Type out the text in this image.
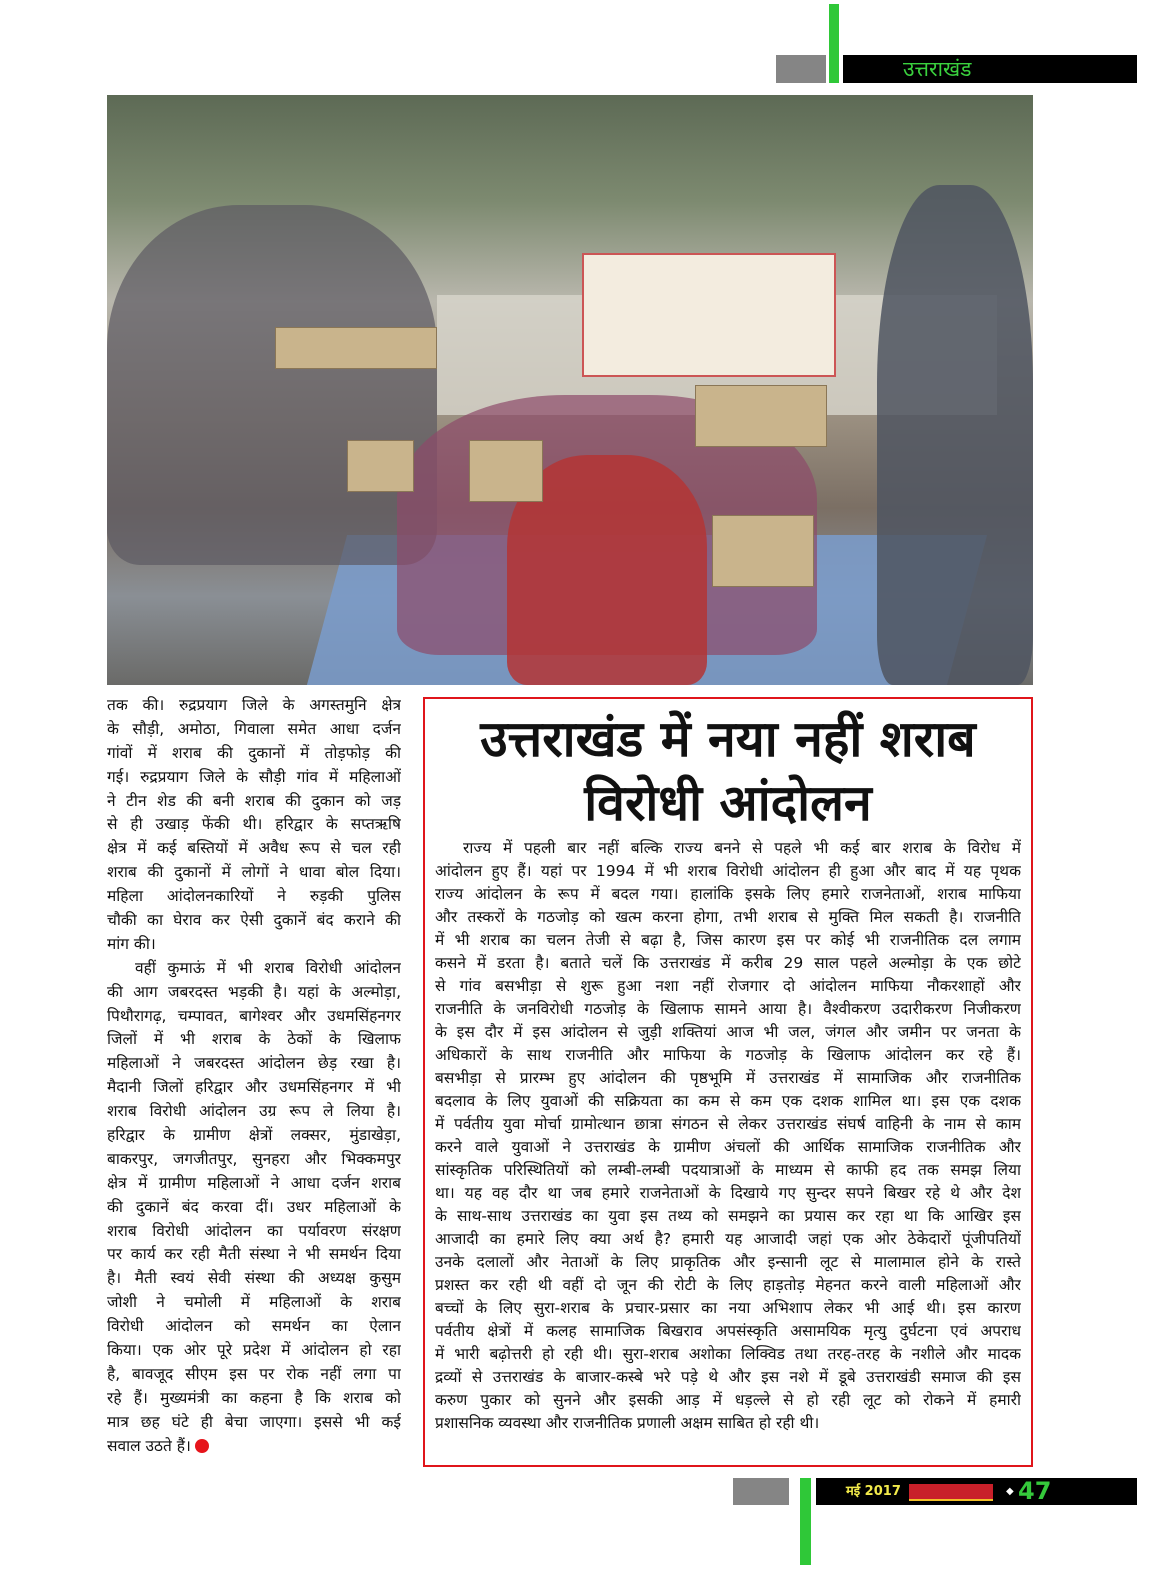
उत्तराखंड
तक की। रुद्रप्रयाग जिले के अगस्तमुनि क्षेत्र
के सौड़ी, अमोठा, गिवाला समेत आधा दर्जन
गांवों में शराब की दुकानों में तोड़फोड़ की
गई। रुद्रप्रयाग जिले के सौड़ी गांव में महिलाओं
ने टीन शेड की बनी शराब की दुकान को जड़
से ही उखाड़ फेंकी थी। हरिद्वार के सप्तऋषि
क्षेत्र में कई बस्तियों में अवैध रूप से चल रही
शराब की दुकानों में लोगों ने धावा बोल दिया।
महिला आंदोलनकारियों ने रुड़की पुलिस
चौकी का घेराव कर ऐसी दुकानें बंद कराने की
मांग की।
वहीं कुमाऊं में भी शराब विरोधी आंदोलन
की आग जबरदस्त भड़की है। यहां के अल्मोड़ा,
पिथौरागढ़, चम्पावत, बागेश्वर और उधमसिंहनगर
जिलों में भी शराब के ठेकों के खिलाफ
महिलाओं ने जबरदस्त आंदोलन छेड़ रखा है।
मैदानी जिलों हरिद्वार और उधमसिंहनगर में भी
शराब विरोधी आंदोलन उग्र रूप ले लिया है।
हरिद्वार के ग्रामीण क्षेत्रों लक्सर, मुंडाखेड़ा,
बाकरपुर, जगजीतपुर, सुनहरा और भिक्कमपुर
क्षेत्र में ग्रामीण महिलाओं ने आधा दर्जन शराब
की दुकानें बंद करवा दीं। उधर महिलाओं के
शराब विरोधी आंदोलन का पर्यावरण संरक्षण
पर कार्य कर रही मैती संस्था ने भी समर्थन दिया
है। मैती स्वयं सेवी संस्था की अध्यक्ष कुसुम
जोशी ने चमोली में महिलाओं के शराब
विरोधी आंदोलन को समर्थन का ऐलान
किया। एक ओर पूरे प्रदेश में आंदोलन हो रहा
है, बावजूद सीएम इस पर रोक नहीं लगा पा
रहे हैं। मुख्यमंत्री का कहना है कि शराब को
मात्र छह घंटे ही बेचा जाएगा। इससे भी कई
सवाल उठते हैं।
उत्तराखंड में नया नहीं शराब
विरोधी आंदोलन
राज्य में पहली बार नहीं बल्कि राज्य बनने से पहले भी कई बार शराब के विरोध में
आंदोलन हुए हैं। यहां पर 1994 में भी शराब विरोधी आंदोलन ही हुआ और बाद में यह पृथक
राज्य आंदोलन के रूप में बदल गया। हालांकि इसके लिए हमारे राजनेताओं, शराब माफिया
और तस्करों के गठजोड़ को खत्म करना होगा, तभी शराब से मुक्ति मिल सकती है। राजनीति
में भी शराब का चलन तेजी से बढ़ा है, जिस कारण इस पर कोई भी राजनीतिक दल लगाम
कसने में डरता है। बताते चलें कि उत्तराखंड में करीब 29 साल पहले अल्मोड़ा के एक छोटे
से गांव बसभीड़ा से शुरू हुआ नशा नहीं रोजगार दो आंदोलन माफिया नौकरशाहों और
राजनीति के जनविरोधी गठजोड़ के खिलाफ सामने आया है। वैश्वीकरण उदारीकरण निजीकरण
के इस दौर में इस आंदोलन से जुड़ी शक्तियां आज भी जल, जंगल और जमीन पर जनता के
अधिकारों के साथ राजनीति और माफिया के गठजोड़ के खिलाफ आंदोलन कर रहे हैं।
बसभीड़ा से प्रारम्भ हुए आंदोलन की पृष्ठभूमि में उत्तराखंड में सामाजिक और राजनीतिक
बदलाव के लिए युवाओं की सक्रियता का कम से कम एक दशक शामिल था। इस एक दशक
में पर्वतीय युवा मोर्चा ग्रामोत्थान छात्रा संगठन से लेकर उत्तराखंड संघर्ष वाहिनी के नाम से काम
करने वाले युवाओं ने उत्तराखंड के ग्रामीण अंचलों की आर्थिक सामाजिक राजनीतिक और
सांस्कृतिक परिस्थितियों को लम्बी-लम्बी पदयात्राओं के माध्यम से काफी हद तक समझ लिया
था। यह वह दौर था जब हमारे राजनेताओं के दिखाये गए सुन्दर सपने बिखर रहे थे और देश
के साथ-साथ उत्तराखंड का युवा इस तथ्य को समझने का प्रयास कर रहा था कि आखिर इस
आजादी का हमारे लिए क्या अर्थ है? हमारी यह आजादी जहां एक ओर ठेकेदारों पूंजीपतियों
उनके दलालों और नेताओं के लिए प्राकृतिक और इन्सानी लूट से मालामाल होने के रास्ते
प्रशस्त कर रही थी वहीं दो जून की रोटी के लिए हाड़तोड़ मेहनत करने वाली महिलाओं और
बच्चों के लिए सुरा-शराब के प्रचार-प्रसार का नया अभिशाप लेकर भी आई थी। इस कारण
पर्वतीय क्षेत्रों में कलह सामाजिक बिखराव अपसंस्कृति असामयिक मृत्यु दुर्घटना एवं अपराध
में भारी बढ़ोत्तरी हो रही थी। सुरा-शराब अशोका लिक्विड तथा तरह-तरह के नशीले और मादक
द्रव्यों से उत्तराखंड के बाजार-कस्बे भरे पड़े थे और इस नशे में डूबे उत्तराखंडी समाज की इस
करुण पुकार को सुनने और इसकी आड़ में धड़ल्ले से हो रही लूट को रोकने में हमारी
प्रशासनिक व्यवस्था और राजनीतिक प्रणाली अक्षम साबित हो रही थी।
मई 2017	◆ 47
